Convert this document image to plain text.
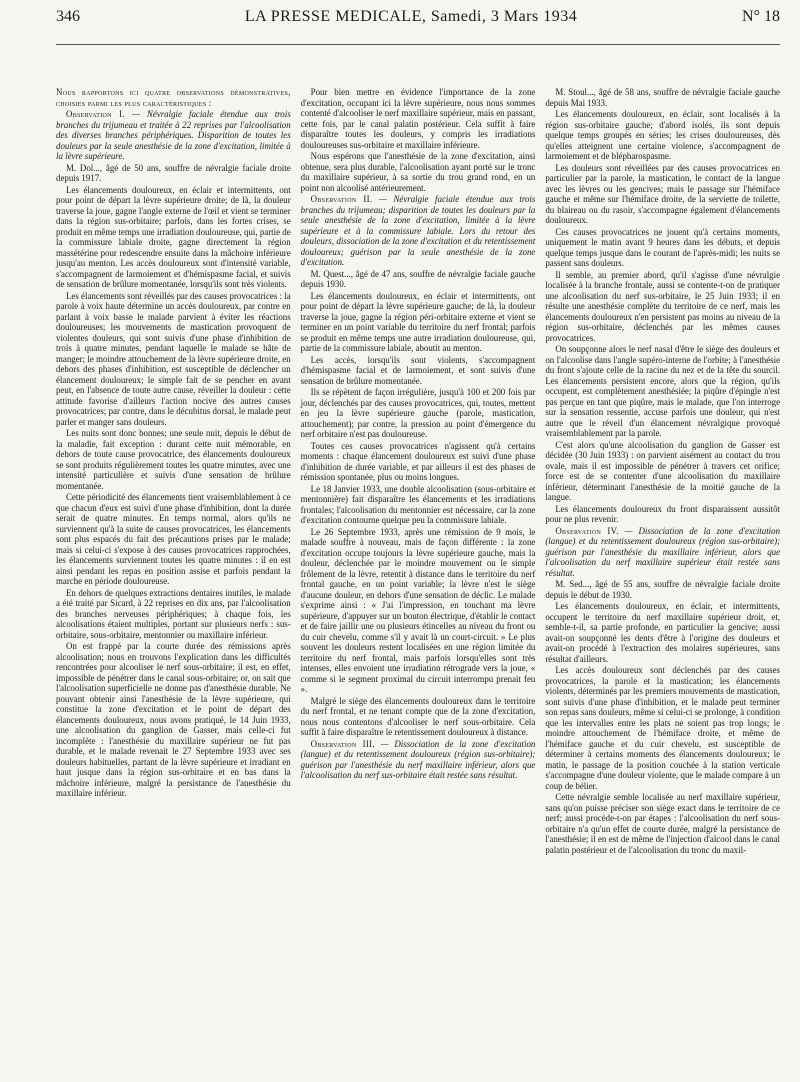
346	LA PRESSE MEDICALE, Samedi, 3 Mars 1934	N° 18

Nous rapportons ici quatre observations démonstratives, choisies parmi les plus caractéristiques :

Observation I. — Névralgie faciale étendue aux trois branches du trijumeau et traitée à 22 reprises par l'alcoolisation des diverses branches périphériques. Disparition de toutes les douleurs par la seule anesthésie de la zone d'excitation, limitée à la lèvre supérieure.

M. Dol..., âgé de 50 ans, souffre de névralgie faciale droite depuis 1917.

Les élancements douloureux, en éclair et intermittents, ont pour point de départ la lèvre supérieure droite; de là, la douleur traverse la joue, gagne l'angle externe de l'œil et vient se terminer dans la région sus-orbitaire; parfois, dans les fortes crises, se produit en même temps une irradiation douloureuse, qui, partie de la commissure labiale droite, gagne directement la région massétérine pour redescendre ensuite dans la mâchoire inférieure jusqu'au menton. Les accès douloureux sont d'intensité variable, s'accompagnent de larmoiement et d'hémispasme facial, et suivis de sensation de brûlure momentanée, lorsqu'ils sont très violents.

Les élancements sont réveillés par des causes provocatrices : la parole à voix haute détermine un accès douloureux, par contre en parlant à voix basse le malade parvient à éviter les réactions douloureuses; les mouvements de mastication provoquent de violentes douleurs, qui sont suivis d'une phase d'inhibition de trois à quatre minutes, pendant laquelle le malade se hâte de manger; le moindre attouchement de la lèvre supérieure droite, en dehors des phases d'inhibition, est susceptible de déclencher un élancement douloureux; le simple fait de se pencher en avant peut, en l'absence de toute autre cause, réveiller la douleur : cette attitude favorise d'ailleurs l'action nocive des autres causes provocatrices; par contre, dans le décubitus dorsal, le malade peut parler et manger sans douleurs.

Les nuits sont donc bonnes; une seule nuit, depuis le début de la maladie, fait exception : durant cette nuit mémorable, en dehors de toute cause provocatrice, des élancements douloureux se sont produits régulièrement toutes les quatre minutes, avec une intensité particulière et suivis d'une sensation de brûlure momentanée.

Cette périodicité des élancements tient vraisemblablement à ce que chacun d'eux est suivi d'une phase d'inhibition, dont la durée serait de quatre minutes. En temps normal, alors qu'ils ne surviennent qu'à la suite de causes provocatrices, les élancements sont plus espacés du fait des précautions prises par le malade; mais si celui-ci s'expose à des causes provocatrices rapprochées, les élancements surviennent toutes les quatre minutes : il en est ainsi pendant les repas en position assise et parfois pendant la marche en période douloureuse.

En dehors de quelques extractions dentaires inutiles, le malade a été traité par Sicard, à 22 reprises en dix ans, par l'alcoolisation des branches nerveuses périphériques; à chaque fois, les alcoolisations étaient multiples, portant sur plusieurs nerfs : sus-orbitaire, sous-orbitaire, mentonnier ou maxillaire inférieur.

On est frappé par la courte durée des rémissions après alcoolisation; nous en trouvons l'explication dans les difficultés rencontrées pour alcooliser le nerf sous-orbitaire; il est, en effet, impossible de pénétrer dans le canal sous-orbitaire; or, on sait que l'alcoolisation superficielle ne donne pas d'anesthésie durable. Ne pouvant obtenir ainsi l'anesthésie de la lèvre supérieure, qui constitue la zone d'excitation et le point de départ des élancements douloureux, nous avons pratiqué, le 14 Juin 1933, une alcoolisation du ganglion de Gasser, mais celle-ci fut incomplète : l'anesthésie du maxillaire supérieur ne fut pas durable, et le malade revenait le 27 Septembre 1933 avec ses douleurs habituelles, partant de la lèvre supérieure et irradiant en haut jusque dans la région sus-orbitaire et en bas dans la mâchoire inférieure, malgré la persistance de l'anesthésie du maxillaire inférieur.

Pour bien mettre en évidence l'importance de la zone d'excitation, occupant ici la lèvre supérieure, nous nous sommes contenté d'alcooliser le nerf maxillaire supérieur, mais en passant, cette fois, par le canal palatin postérieur. Cela suffit à faire disparaître toutes les douleurs, y compris les irradiations douloureuses sus-orbitaire et maxillaire inférieure.

Nous espérons que l'anesthésie de la zone d'excitation, ainsi obtenue, sera plus durable, l'alcoolisation ayant porté sur le tronc du maxillaire supérieur, à sa sortie du trou grand rond, en un point non alcoolisé antérieurement.

Observation II. — Névralgie faciale étendue aux trois branches du trijumeau; disparition de toutes les douleurs par la seule anesthésie de la zone d'excitation, limitée à la lèvre supérieure et à la commissure labiale. Lors du retour des douleurs, dissociation de la zone d'excitation et du retentissement douloureux; guérison par la seule anesthésie de la zone d'excitation.

M. Quest..., âgé de 47 ans, souffre de névralgie faciale gauche depuis 1930.

Les élancements douloureux, en éclair et intermittents, ont pour point de départ la lèvre supérieure gauche; de là, la douleur traverse la joue, gagne la région péri-orbitaire externe et vient se terminer en un point variable du territoire du nerf frontal; parfois se produit en même temps une autre irradiation douloureuse, qui, partie de la commissure labiale, aboutit au menton.

Les accès, lorsqu'ils sont violents, s'accompagnent d'hémispasme facial et de larmoiement, et sont suivis d'une sensation de brûlure momentanée.

Ils se répètent de façon irrégulière, jusqu'à 100 et 200 fois par jour, déclenchés par des causes provocatrices, qui, toutes, mettent en jeu la lèvre supérieure gauche (parole, mastication, attouchement); par contre, la pression au point d'émergence du nerf orbitaire n'est pas douloureuse.

Toutes ces causes provocatrices n'agissent qu'à certains moments : chaque élancement douloureux est suivi d'une phase d'inhibition de durée variable, et par ailleurs il est des phases de rémission spontanée, plus ou moins longues.

Le 18 Janvier 1933, une double alcoolisation (sous-orbitaire et mentonnière) fait disparaître les élancements et les irradiations frontales; l'alcoolisation du mentonnier est nécessaire, car la zone d'excitation contourne quelque peu la commissure labiale.

Le 26 Septembre 1933, après une rémission de 9 mois, le malade souffre à nouveau, mais de façon différente : la zone d'excitation occupe toujours la lèvre supérieure gauche, mais la douleur, déclenchée par le moindre mouvement ou le simple frôlement de la lèvre, retentit à distance dans le territoire du nerf frontal gauche, en un point variable; la lèvre n'est le siège d'aucune douleur, en dehors d'une sensation de déclic. Le malade s'exprime ainsi : « J'ai l'impression, en touchant ma lèvre supérieure, d'appuyer sur un bouton électrique, d'établir le contact et de faire jaillir une ou plusieurs étincelles au niveau du front ou du cuir chevelu, comme s'il y avait là un court-circuit. » Le plus souvent les douleurs restent localisées en une région limitée du territoire du nerf frontal, mais parfois lorsqu'elles sont très intenses, elles envoient une irradiation rétrograde vers la joue, « comme si le segment proximal du circuit interrompu prenait feu ».

Malgré le siège des élancements douloureux dans le territoire du nerf frontal, et ne tenant compte que de la zone d'excitation, nous nous contentons d'alcooliser le nerf sous-orbitaire. Cela suffit à faire disparaître le retentissement douloureux à distance.

Observation III. — Dissociation de la zone d'excitation (langue) et du retentissement douloureux (région sus-orbitaire); guérison par l'anesthésie du nerf maxillaire inférieur, alors que l'alcoolisation du nerf sus-orbitaire était restée sans résultat.

M. Stoul..., âgé de 58 ans, souffre de névralgie faciale gauche depuis Mai 1933.

Les élancements douloureux, en éclair, sont localisés à la région sus-orbitaire gauche; d'abord isolés, ils sont depuis quelque temps groupés en séries; les crises douloureuses, dès qu'elles atteignent une certaine violence, s'accompagnent de larmoiement et de blépharospasme.

Les douleurs sont réveillées par des causes provocatrices en particulier par la parole, la mastication, le contact de la langue avec les lèvres ou les gencives; mais le passage sur l'hémiface gauche et même sur l'hémiface droite, de la serviette de toilette, du blaireau ou du rasoir, s'accompagne également d'élancements douloureux.

Ces causes provocatrices ne jouent qu'à certains moments, uniquement le matin avant 9 heures dans les débuts, et depuis quelque temps jusque dans le courant de l'après-midi; les nuits se passent sans douleurs.

Il semble, au premier abord, qu'il s'agisse d'une névralgie localisée à la branche frontale, aussi se contente-t-on de pratiquer une alcoolisation du nerf sus-orbitaire, le 25 Juin 1933; il en résulte une anesthésie complète du territoire de ce nerf, mais les élancements douloureux n'en persistent pas moins au niveau de la région sus-orbitaire, déclenchés par les mêmes causes provocatrices.

On soupçonne alors le nerf nasal d'être le siège des douleurs et on l'alcoolise dans l'angle supéro-interne de l'orbite; à l'anesthésie du front s'ajoute celle de la racine du nez et de la tête du sourcil. Les élancements persistent encore, alors que la région, qu'ils occupent, est complètement anesthésiée; la piqûre d'épingle n'est pas perçue en tant que piqûre, mais le malade, que l'on interroge sur la sensation ressentie, accuse parfois une douleur, qui n'est autre que le réveil d'un élancement névralgique provoqué vraisemblablement par la parole.

C'est alors qu'une alcoolisation du ganglion de Gasser est décidée (30 Juin 1933) : on parvient aisément au contact du trou ovale, mais il est impossible de pénétrer à travers cet orifice; force est de se contenter d'une alcoolisation du maxillaire inférieur, déterminant l'anesthésie de la moitié gauche de la langue.

Les élancements douloureux du front disparaissent aussitôt pour ne plus revenir.

Observation IV. — Dissociation de la zone d'excitation (langue) et du retentissement douloureux (région sus-orbitaire); guérison par l'anesthésie du maxillaire inférieur, alors que l'alcoolisation du nerf maxillaire supérieur était restée sans résultat.

M. Sed..., âgé de 55 ans, souffre de névralgie faciale droite depuis le début de 1930.

Les élancements douloureux, en éclair, et intermittents, occupent le territoire du nerf maxillaire supérieur droit, et, semble-t-il, sa partie profonde, en particulier la gencive; aussi avait-on soupçonné les dents d'être à l'origine des douleurs et avait-on procédé à l'extraction des molaires supérieures, sans résultat d'ailleurs.

Les accès douloureux sont déclenchés par des causes provocatrices, la parole et la mastication; les élancements violents, déterminés par les premiers mouvements de mastication, sont suivis d'une phase d'inhibition, et le malade peut terminer son repas sans douleurs, même si celui-ci se prolonge, à condition que les intervalles entre les plats ne soient pas trop longs; le moindre attouchement de l'hémiface droite, et même de l'hémiface gauche et du cuir chevelu, est susceptible de déterminer à certains moments des élancements douloureux; le matin, le passage de la position couchée à la station verticale s'accompagne d'une douleur violente, que le malade compare à un coup de bélier.

Cette névralgie semble localisée au nerf maxillaire supérieur, sans qu'on puisse préciser son siège exact dans le territoire de ce nerf; aussi procède-t-on par étapes : l'alcoolisation du nerf sous-orbitaire n'a qu'un effet de courte durée, malgré la persistance de l'anesthésie; il en est de même de l'injection d'alcool dans le canal palatin postérieur et de l'alcoolisation du tronc du maxil-
